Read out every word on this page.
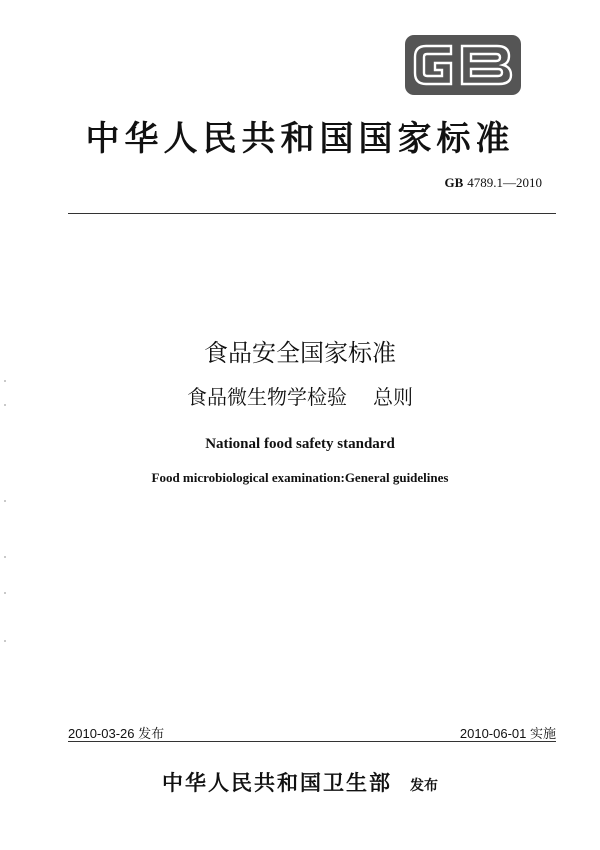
中华人民共和国国家标准
GB 4789.1—2010
食品安全国家标准
食品微生物学检验 总则
National food safety standard
Food microbiological examination:General guidelines
2010-03-26 发布	2010-06-01 实施
中华人民共和国卫生部 发布
